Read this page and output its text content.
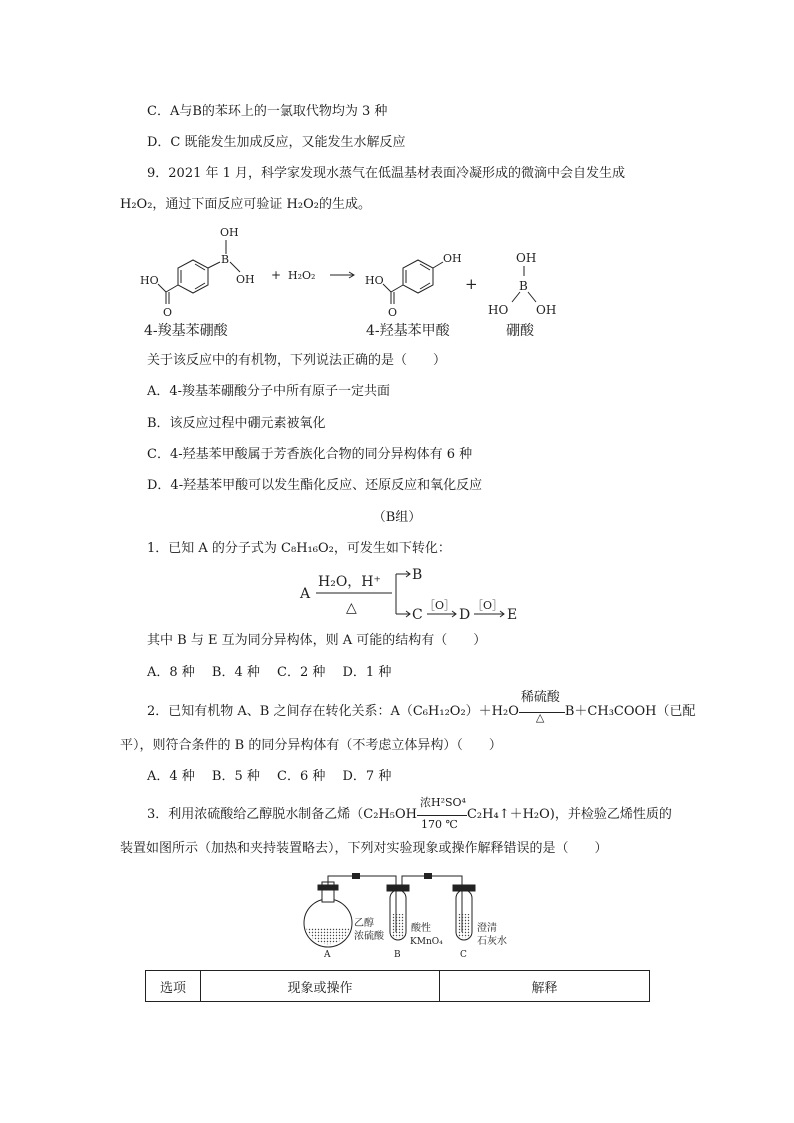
C．A与B的苯环上的一氯取代物均为 3 种
D．C 既能发生加成反应，又能发生水解反应
9．2021 年 1 月，科学家发现水蒸气在低温基材表面冷凝形成的微滴中会自发生成
H₂O₂，通过下面反应可验证 H₂O₂的生成。
B
OH
OH
HO
O
+ H₂O₂
OH
HO
O
+
OH
B
HO OH
4-羧基苯硼酸	4-羟基苯甲酸	硼酸
关于该反应中的有机物，下列说法正确的是（　　）
A．4-羧基苯硼酸分子中所有原子一定共面
B．该反应过程中硼元素被氧化
C．4-羟基苯甲酸属于芳香族化合物的同分异构体有 6 种
D．4-羟基苯甲酸可以发生酯化反应、还原反应和氧化反应
（B组）
1．已知 A 的分子式为 C₈H₁₆O₂，可发生如下转化：
A
H₂O，H⁺
△
B
C
［O］
D
［O］
E
其中 B 与 E 互为同分异构体，则 A 可能的结构有（　　）
A．8 种　 B．4 种　 C．2 种　 D．1 种
2．已知有机物 A、B 之间存在转化关系：A（C₆H₁₂O₂）＋H₂O
稀硫酸
△ B＋CH₃COOH（已配
平），则符合条件的 B 的同分异构体有（不考虑立体异构）（　　）
A．4 种　 B．5 种　 C．6 种　 D．7 种
3．利用浓硫酸给乙醇脱水制备乙烯（C₂H₅OH
浓H²SO⁴
170 ℃
C₂H₄↑＋H₂O)，并检验乙烯性质的
装置如图所示（加热和夹持装置略去），下列对实验现象或操作解释错误的是（　　）
乙醇
浓硫酸
酸性
KMnO₄
澄清
石灰水
A	B	C
选项	现象或操作	解释
